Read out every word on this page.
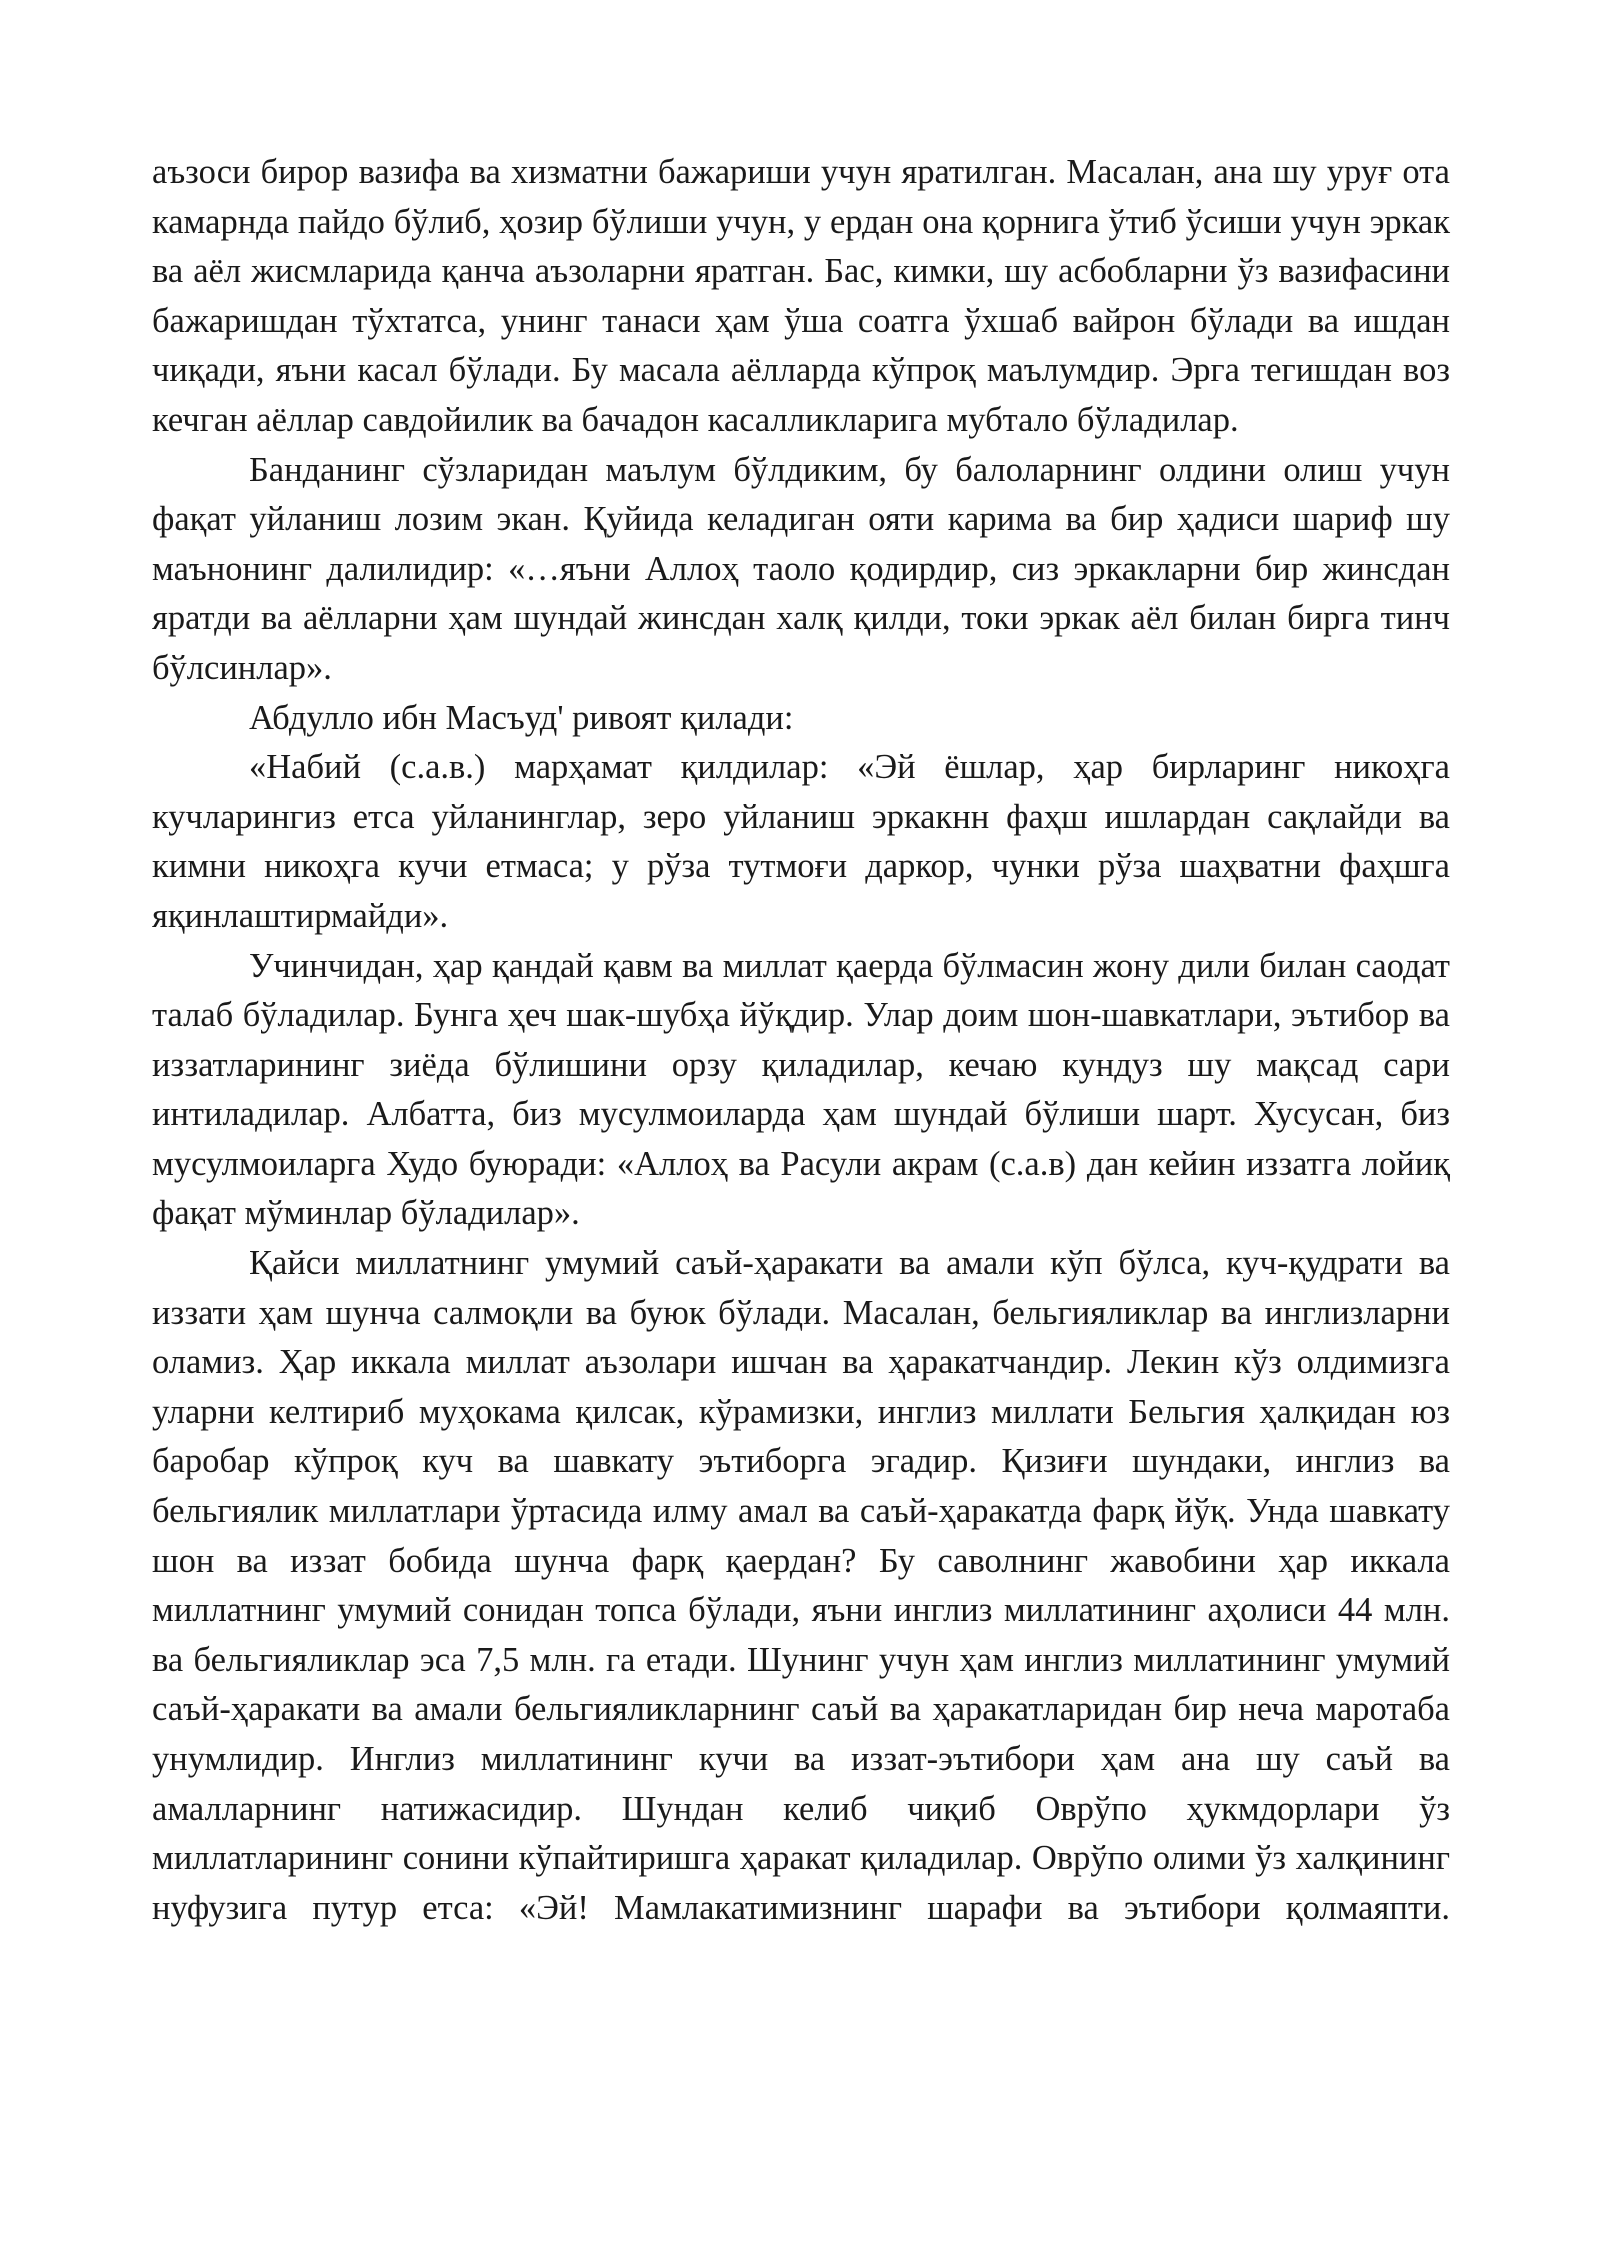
аъзоси бирор вазифа ва хизматни бажариши учун яратилган. Масалан, ана шу уруғ ота камарнда пайдо бўлиб, ҳозир бўлиши учун, у ердан она қорнига ўтиб ўсиши учун эркак ва аёл жисмларида қанча аъзоларни яратган. Бас, кимки, шу асбобларни ўз вазифасини бажаришдан тўхтатса, унинг танаси ҳам ўша соатга ўхшаб вайрон бўлади ва ишдан чиқади, яъни касал бўлади. Бу масала аёлларда кўпроқ маълумдир. Эрга тегишдан воз кечган аёллар савдойилик ва бачадон касалликларига мубтало бўладилар.

Банданинг сўзларидан маълум бўлдиким, бу балоларнинг олдини олиш учун фақат уйланиш лозим экан. Қуйида келадиган ояти карима ва бир ҳадиси шариф шу маънонинг далилидир: «…яъни Аллоҳ таоло қодирдир, сиз эркакларни бир жинсдан яратди ва аёлларни ҳам шундай жинсдан халқ қилди, токи эркак аёл билан бирга тинч бўлсинлар».

Абдулло ибн Масъуд' ривоят қилади:

«Набий (с.а.в.) марҳамат қилдилар: «Эй ёшлар, ҳар бирларинг никоҳга кучларингиз етса уйланинглар, зеро уйланиш эркакнн фаҳш ишлардан сақлайди ва кимни никоҳга кучи етмаса; у рўза тутмоғи даркор, чунки рўза шаҳватни фаҳшга яқинлаштирмайди».

Учинчидан, ҳар қандай қавм ва миллат қаерда бўлмасин жону дили билан саодат талаб бўладилар. Бунга ҳеч шак-шубҳа йўқдир. Улар доим шон-шавкатлари, эътибор ва иззатларининг зиёда бўлишини орзу қиладилар, кечаю кундуз шу мақсад сари интиладилар. Албатта, биз мусулмоиларда ҳам шундай бўлиши шарт. Хусусан, биз мусулмоиларга Худо буюради: «Аллоҳ ва Расули акрам (с.а.в) дан кейин иззатга лойиқ фақат мўминлар бўладилар».

Қайси миллатнинг умумий саъй-ҳаракати ва амали кўп бўлса, куч-қудрати ва иззати ҳам шунча салмоқли ва буюк бўлади. Масалан, бельгияликлар ва инглизларни оламиз. Ҳар иккала миллат аъзолари ишчан ва ҳаракатчандир. Лекин кўз олдимизга уларни келтириб муҳокама қилсак, кўрамизки, инглиз миллати Бельгия ҳалқидан юз баробар кўпроқ куч ва шавкату эътиборга эгадир. Қизиғи шундаки, инглиз ва бельгиялик миллатлари ўртасида илму амал ва саъй-ҳаракатда фарқ йўқ. Унда шавкату шон ва иззат бобида шунча фарқ қаердан? Бу саволнинг жавобини ҳар иккала миллатнинг умумий сонидан топса бўлади, яъни инглиз миллатининг аҳолиси 44 млн. ва бельгияликлар эса 7,5 млн. га етади. Шунинг учун ҳам инглиз миллатининг умумий саъй-ҳаракати ва амали бельгияликларнинг саъй ва ҳаракатларидан бир неча маротаба унумлидир. Инглиз миллатининг кучи ва иззат-эътибори ҳам ана шу саъй ва амалларнинг натижасидир. Шундан келиб чиқиб Оврўпо ҳукмдорлари ўз миллатларининг сонини кўпайтиришга ҳаракат қиладилар. Оврўпо олими ўз халқининг нуфузига путур етса: «Эй! Мамлакатимизнинг шарафи ва эътибори қолмаяпти.
